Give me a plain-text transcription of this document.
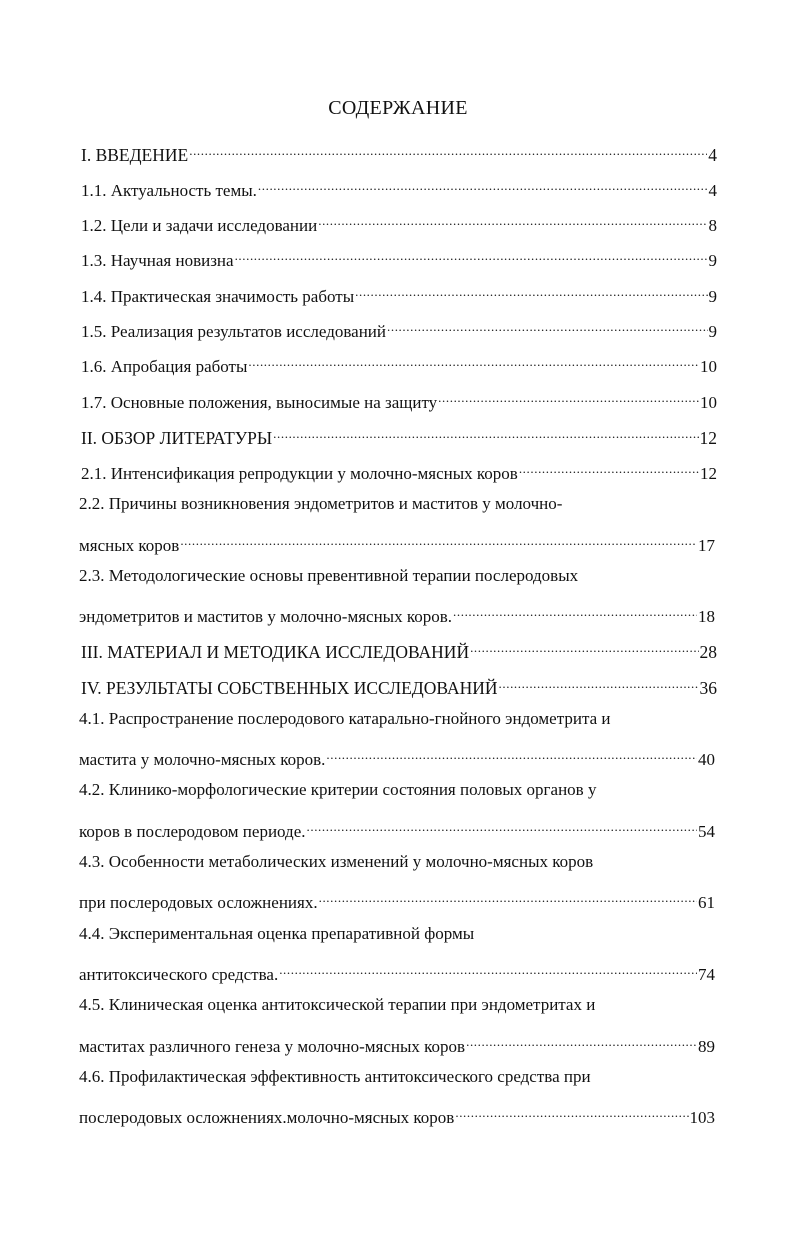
СОДЕРЖАНИЕ
I. ВВЕДЕНИЕ .....	4
1.1. Актуальность темы. .....	4
1.2. Цели и задачи исследовании .....	8
1.3. Научная новизна .....	9
1.4. Практическая значимость работы .....	9
1.5. Реализация результатов исследований .....	9
1.6. Апробация работы .....	10
1.7. Основные положения, выносимые на защиту .....	10
II. ОБЗОР ЛИТЕРАТУРЫ .....	12
2.1. Интенсификация репродукции у молочно-мясных коров .....	12
2.2. Причины возникновения эндометритов и маститов у молочно-
мясных коров .....	17
2.3. Методологические основы превентивной терапии послеродовых
эндометритов и маститов у молочно-мясных коров. .....	18
III. МАТЕРИАЛ И МЕТОДИКА ИССЛЕДОВАНИЙ .....	28
IV. РЕЗУЛЬТАТЫ СОБСТВЕННЫХ ИССЛЕДОВАНИЙ .....	36
4.1. Распространение послеродового катарально-гнойного эндометрита и
мастита у молочно-мясных коров. .....	40
4.2. Клинико-морфологические критерии состояния половых органов у
коров в послеродовом периоде. .....	54
4.3. Особенности метаболических изменений у молочно-мясных коров
при послеродовых осложнениях. .....	61
4.4. Экспериментальная оценка препаративной формы
антитоксического средства. .....	74
4.5. Клиническая оценка антитоксической терапии при эндометритах и
маститах различного генеза у молочно-мясных коров .....	89
4.6. Профилактическая эффективность антитоксического средства при
послеродовых осложнениях.молочно-мясных коров .....	103
